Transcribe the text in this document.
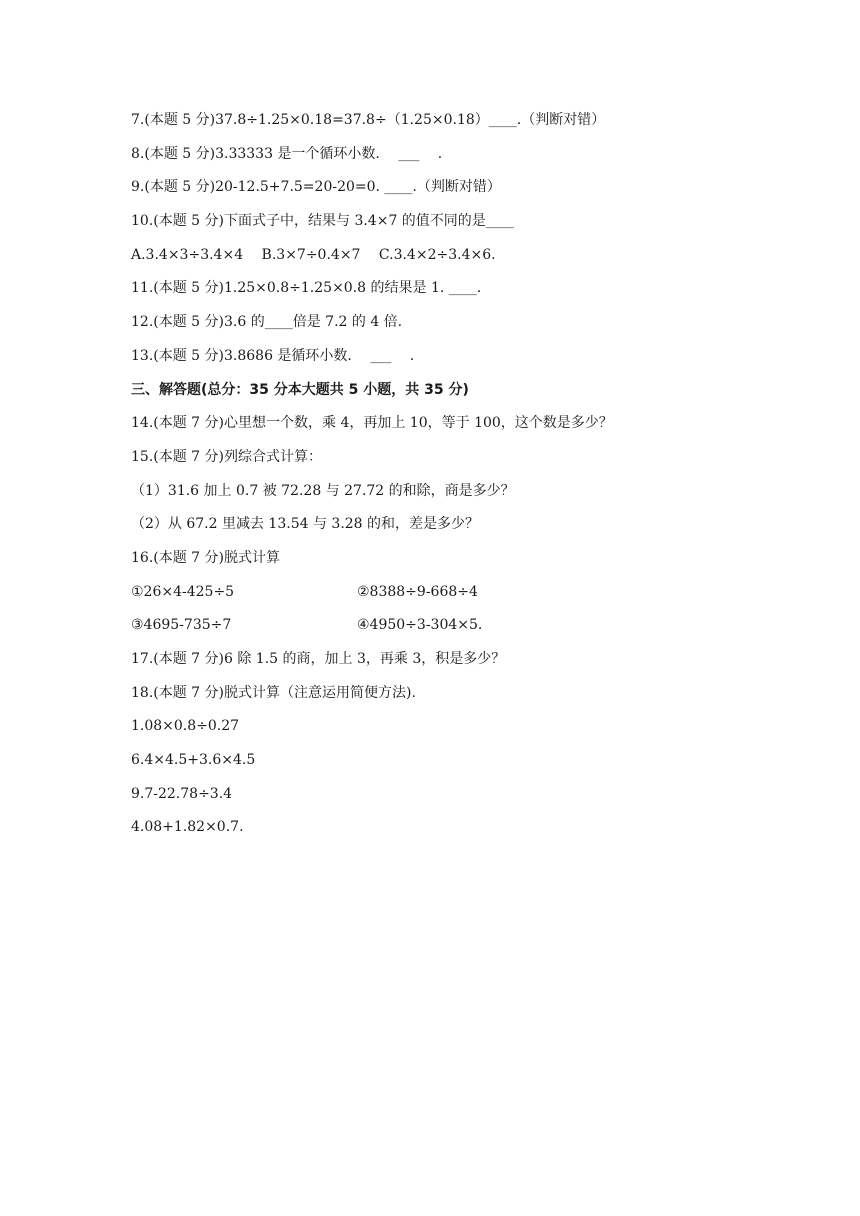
7.(本题 5 分)37.8÷1.25×0.18=37.8÷（1.25×0.18）____.（判断对错）
8.(本题 5 分)3.33333 是一个循环小数.　 ___　 .
9.(本题 5 分)20-12.5+7.5=20-20=0. ____.（判断对错）
10.(本题 5 分)下面式子中，结果与 3.4×7 的值不同的是____
A.3.4×3÷3.4×4　 B.3×7÷0.4×7　 C.3.4×2÷3.4×6.
11.(本题 5 分)1.25×0.8÷1.25×0.8 的结果是 1. ____.
12.(本题 5 分)3.6 的____倍是 7.2 的 4 倍.
13.(本题 5 分)3.8686 是循环小数.　 ___　 .
三、解答题(总分：35 分本大题共 5 小题，共 35 分)
14.(本题 7 分)心里想一个数，乘 4，再加上 10，等于 100，这个数是多少？
15.(本题 7 分)列综合式计算：
（1）31.6 加上 0.7 被 72.28 与 27.72 的和除，商是多少？
（2）从 67.2 里减去 13.54 与 3.28 的和，差是多少？
16.(本题 7 分)脱式计算
①26×4-425÷5	②8388÷9-668÷4
③4695-735÷7	④4950÷3-304×5.
17.(本题 7 分)6 除 1.5 的商，加上 3，再乘 3，积是多少？
18.(本题 7 分)脱式计算（注意运用简便方法).
1.08×0.8÷0.27
6.4×4.5+3.6×4.5
9.7-22.78÷3.4
4.08+1.82×0.7.
